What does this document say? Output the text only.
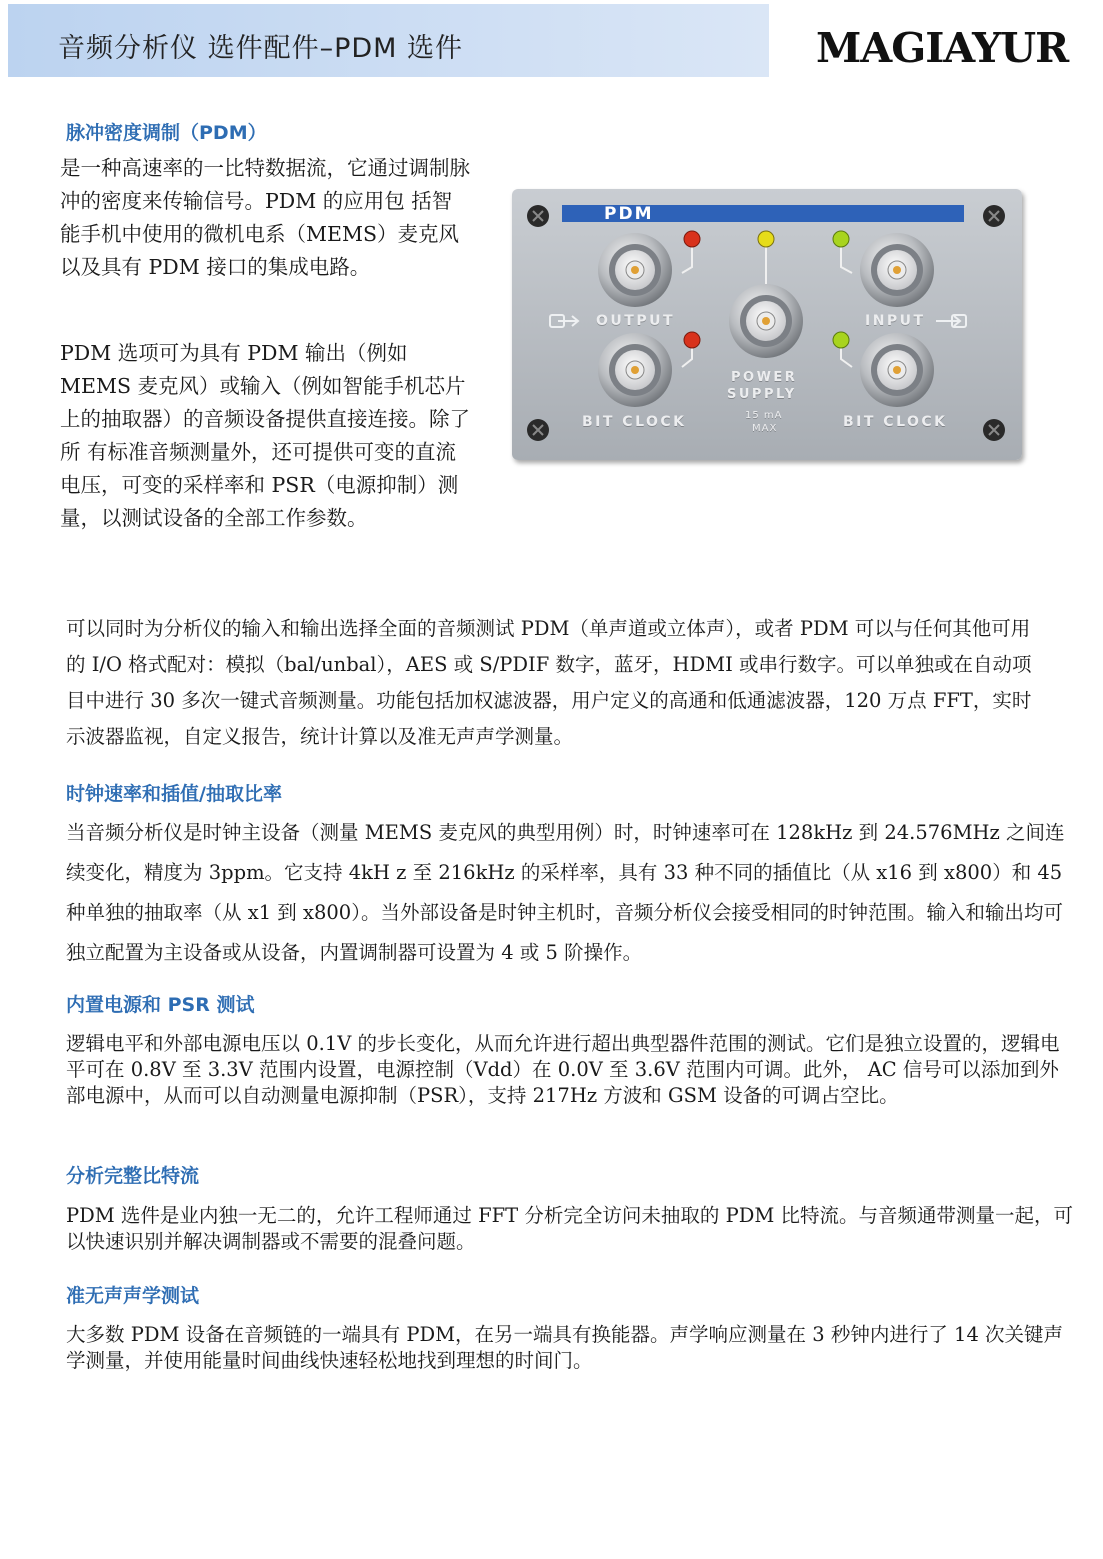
音频分析仪 选件配件–PDM 选件	MAGIAYUR
脉冲密度调制（PDM）

是一种高速率的一比特数据流，它通过调制脉冲的密度来传输信号。PDM 的应用包 括智能手机中使用的微机电系（MEMS）麦克风以及具有 PDM 接口的集成电路。

PDM 选项可为具有 PDM 输出（例如 MEMS 麦克风）或输入（例如智能手机芯片上的抽取器）的音频设备提供直接连接。除了所 有标准音频测量外，还可提供可变的直流电压，可变的采样率和 PSR（电源抑制）测量，以测试设备的全部工作参数。

PDM
OUTPUT	INPUT
BIT CLOCK	BIT CLOCK
POWER
SUPPLY
15 mA
MAX

可以同时为分析仪的输入和输出选择全面的音频测试 PDM（单声道或立体声），或者 PDM 可以与任何其他可用的 I/O 格式配对：模拟（bal/unbal），AES 或 S/PDIF 数字，蓝牙，HDMI 或串行数字。可以单独或在自动项目中进行 30 多次一键式音频测量。功能包括加权滤波器，用户定义的高通和低通滤波器，120 万点 FFT，实时示波器监视，自定义报告，统计计算以及准无声声学测量。

时钟速率和插值/抽取比率

当音频分析仪是时钟主设备（测量 MEMS 麦克风的典型用例）时，时钟速率可在 128kHz 到 24.576MHz 之间连续变化，精度为 3ppm。它支持 4kH z 至 216kHz 的采样率，具有 33 种不同的插值比（从 x16 到 x800）和 45 种单独的抽取率（从 x1 到 x800）。当外部设备是时钟主机时，音频分析仪会接受相同的时钟范围。输入和输出均可独立配置为主设备或从设备，内置调制器可设置为 4 或 5 阶操作。

内置电源和 PSR 测试

逻辑电平和外部电源电压以 0.1V 的步长变化，从而允许进行超出典型器件范围的测试。它们是独立设置的，逻辑电平可在 0.8V 至 3.3V 范围内设置，电源控制（Vdd）在 0.0V 至 3.6V 范围内可调。此外， AC 信号可以添加到外部电源中，从而可以自动测量电源抑制（PSR），支持 217Hz 方波和 GSM 设备的可调占空比。

分析完整比特流

PDM 选件是业内独一无二的，允许工程师通过 FFT 分析完全访问未抽取的 PDM 比特流。与音频通带测量一起，可以快速识别并解决调制器或不需要的混叠问题。

准无声声学测试

大多数 PDM 设备在音频链的一端具有 PDM，在另一端具有换能器。声学响应测量在 3 秒钟内进行了 14 次关键声学测量，并使用能量时间曲线快速轻松地找到理想的时间门。
